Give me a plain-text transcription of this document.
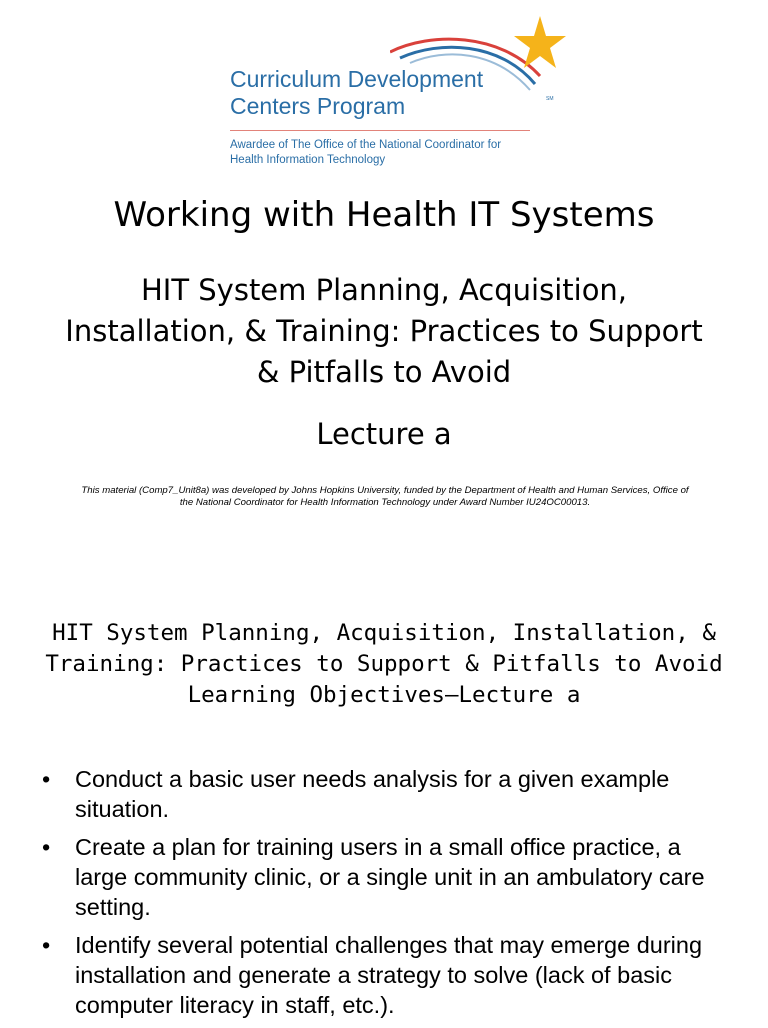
Curriculum Development
Centers Program	SM
Awardee of The Office of the National Coordinator for
Health Information Technology
Working with Health IT Systems
HIT System Planning, Acquisition, Installation, & Training: Practices to Support & Pitfalls to Avoid
Lecture a
This material (Comp7_Unit8a) was developed by Johns Hopkins University, funded by the Department of Health and Human Services, Office of the National Coordinator for Health Information Technology under Award Number IU24OC00013.
HIT System Planning, Acquisition, Installation, &
Training: Practices to Support & Pitfalls to Avoid
Learning Objectives—Lecture a
• Conduct a basic user needs analysis for a given example situation.
• Create a plan for training users in a small office practice, a large community clinic, or a single unit in an ambulatory care setting.
• Identify several potential challenges that may emerge during installation and generate a strategy to solve (lack of basic computer literacy in staff, etc.).
